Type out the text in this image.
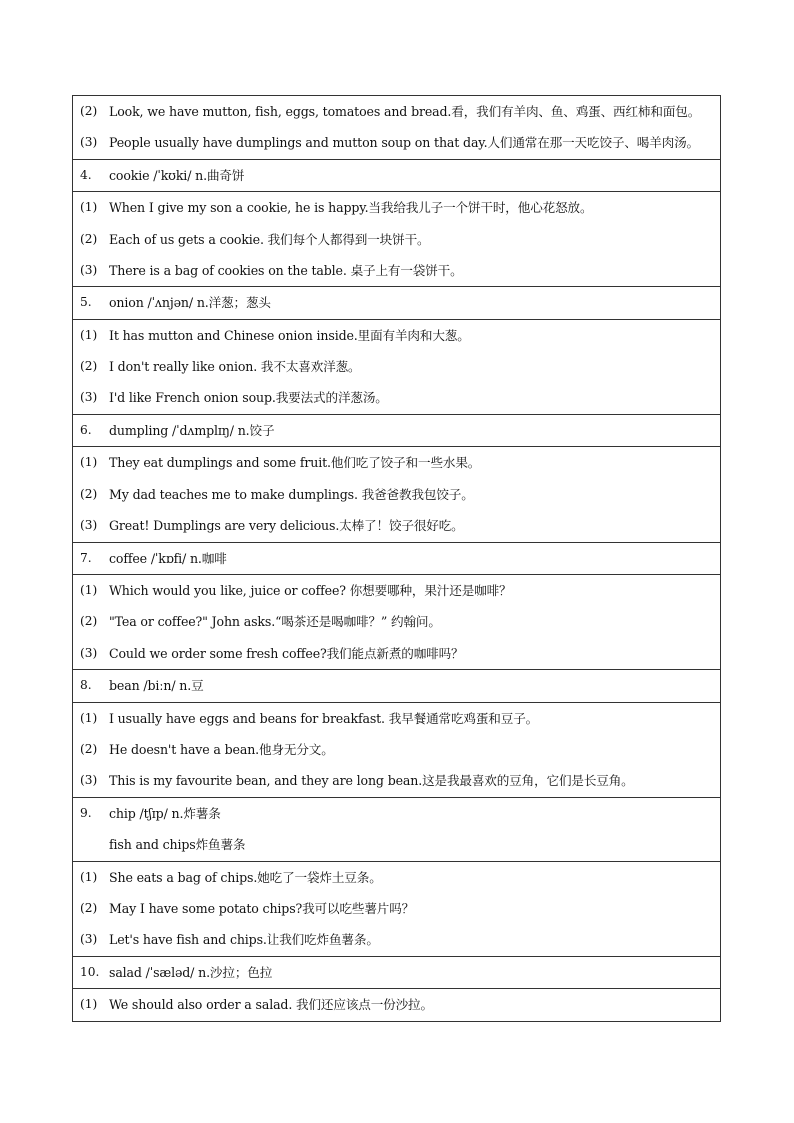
(2) Look, we have mutton, fish, eggs, tomatoes and bread.看，我们有羊肉、鱼、鸡蛋、西红柿和面包。
(3) People usually have dumplings and mutton soup on that day.人们通常在那一天吃饺子、喝羊肉汤。
4.	cookie /ˈkʊki/ n.曲奇饼
(1) When I give my son a cookie, he is happy.当我给我儿子一个饼干时，他心花怒放。
(2) Each of us gets a cookie. 我们每个人都得到一块饼干。
(3) There is a bag of cookies on the table. 桌子上有一袋饼干。
5.	onion /ˈʌnjən/ n.洋葱；葱头
(1) It has mutton and Chinese onion inside.里面有羊肉和大葱。
(2) I don't really like onion. 我不太喜欢洋葱。
(3) I'd like French onion soup.我要法式的洋葱汤。
6.	dumpling /ˈdʌmplɪŋ/ n.饺子
(1) They eat dumplings and some fruit.他们吃了饺子和一些水果。
(2) My dad teaches me to make dumplings. 我爸爸教我包饺子。
(3) Great! Dumplings are very delicious.太棒了！饺子很好吃。
7.	coffee /ˈkɒfi/ n.咖啡
(1) Which would you like, juice or coffee? 你想要哪种，果汁还是咖啡？
(2) "Tea or coffee?" John asks.“喝茶还是喝咖啡？” 约翰问。
(3) Could we order some fresh coffee?我们能点新煮的咖啡吗？
8.	bean /biːn/ n.豆
(1) I usually have eggs and beans for breakfast. 我早餐通常吃鸡蛋和豆子。
(2) He doesn't have a bean.他身无分文。
(3) This is my favourite bean, and they are long bean.这是我最喜欢的豆角，它们是长豆角。
9.	chip /tʃɪp/ n.炸薯条
fish and chips炸鱼薯条
(1) She eats a bag of chips.她吃了一袋炸土豆条。
(2) May I have some potato chips?我可以吃些薯片吗？
(3) Let's have fish and chips.让我们吃炸鱼薯条。
10. salad /ˈsæləd/ n.沙拉；色拉
(1) We should also order a salad. 我们还应该点一份沙拉。
